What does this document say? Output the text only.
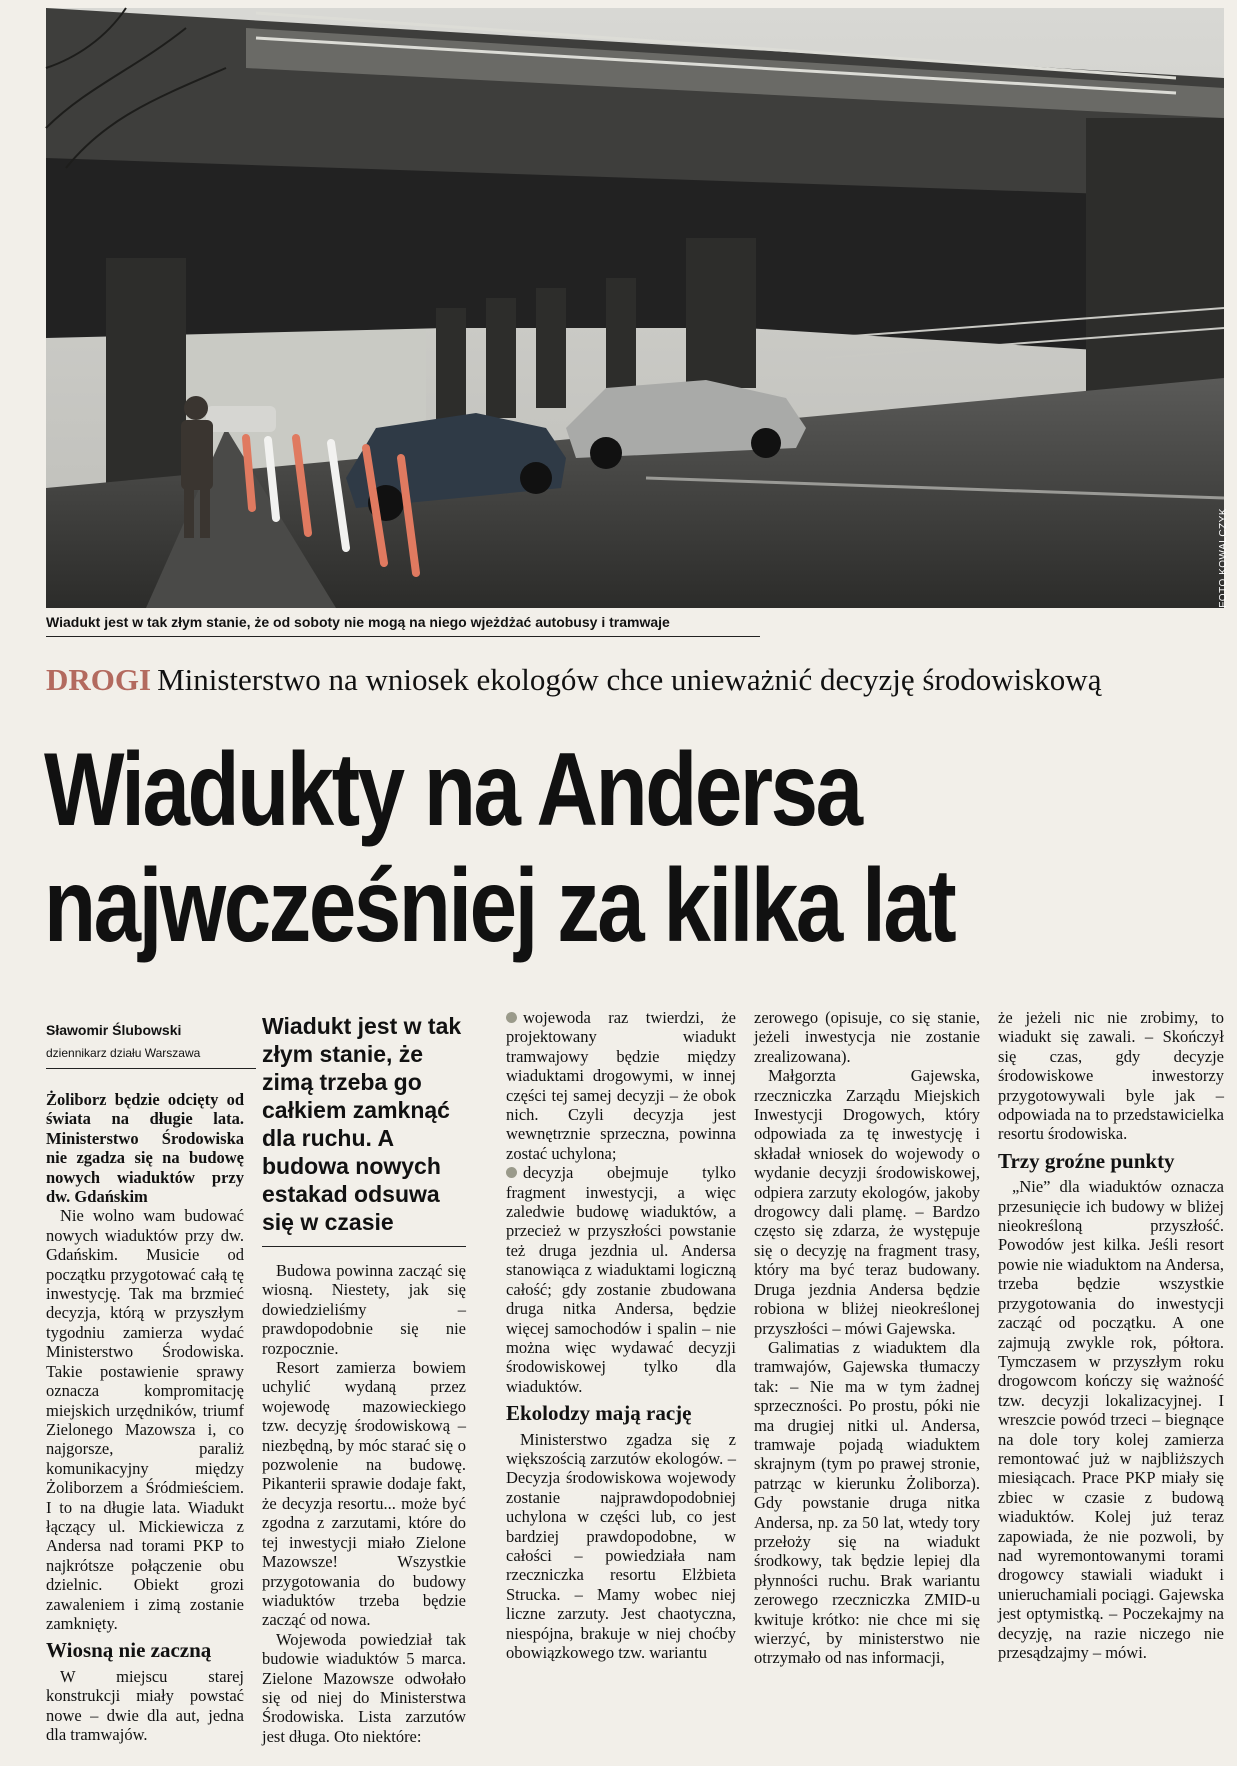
FOTO KOWALCZYK
Wiadukt jest w tak złym stanie, że od soboty nie mogą na niego wjeżdżać autobusy i tramwaje
DROGI Ministerstwo na wniosek ekologów chce unieważnić decyzję środowiskową
Wiadukty na Andersa
najwcześniej za kilka lat
Sławomir Ślubowski
dziennikarz działu Warszawa

Żoliborz będzie odcięty od świata na długie lata. Ministerstwo Środowiska nie zgadza się na budowę nowych wiaduktów przy dw. Gdańskim

Nie wolno wam budować nowych wiaduktów przy dw. Gdańskim. Musicie od początku przygotować całą tę inwestycję. Tak ma brzmieć decyzja, którą w przyszłym tygodniu zamierza wydać Ministerstwo Środowiska. Takie postawienie sprawy oznacza kompromitację miejskich urzędników, triumf Zielonego Mazowsza i, co najgorsze, paraliż komunikacyjny między Żoliborzem a Śródmieściem. I to na długie lata. Wiadukt łączący ul. Mickiewicza z Andersa nad torami PKP to najkrótsze połączenie obu dzielnic. Obiekt grozi zawaleniem i zimą zostanie zamknięty.

Wiosną nie zaczną

W miejscu starej konstrukcji miały powstać nowe – dwie dla aut, jedna dla tramwajów.

Wiadukt jest w tak złym stanie, że zimą trzeba go całkiem zamknąć dla ruchu. A budowa nowych estakad odsuwa się w czasie

Budowa powinna zacząć się wiosną. Niestety, jak się dowiedzieliśmy – prawdopodobnie się nie rozpocznie.

Resort zamierza bowiem uchylić wydaną przez wojewodę mazowieckiego tzw. decyzję środowiskową – niezbędną, by móc starać się o pozwolenie na budowę. Pikanterii sprawie dodaje fakt, że decyzja resortu... może być zgodna z zarzutami, które do tej inwestycji miało Zielone Mazowsze! Wszystkie przygotowania do budowy wiaduktów trzeba będzie zacząć od nowa.

Wojewoda powiedział tak budowie wiaduktów 5 marca. Zielone Mazowsze odwołało się od niej do Ministerstwa Środowiska. Lista zarzutów jest długa. Oto niektóre:

wojewoda raz twierdzi, że projektowany wiadukt tramwajowy będzie między wiaduktami drogowymi, w innej części tej samej decyzji – że obok nich. Czyli decyzja jest wewnętrznie sprzeczna, powinna zostać uchylona;

decyzja obejmuje tylko fragment inwestycji, a więc zaledwie budowę wiaduktów, a przecież w przyszłości powstanie też druga jezdnia ul. Andersa stanowiąca z wiaduktami logiczną całość; gdy zostanie zbudowana druga nitka Andersa, będzie więcej samochodów i spalin – nie można więc wydawać decyzji środowiskowej tylko dla wiaduktów.

Ekolodzy mają rację

Ministerstwo zgadza się z większością zarzutów ekologów. – Decyzja środowiskowa wojewody zostanie najprawdopodobniej uchylona w części lub, co jest bardziej prawdopodobne, w całości – powiedziała nam rzeczniczka resortu Elżbieta Strucka. – Mamy wobec niej liczne zarzuty. Jest chaotyczna, niespójna, brakuje w niej choćby obowiązkowego tzw. wariantu

zerowego (opisuje, co się stanie, jeżeli inwestycja nie zostanie zrealizowana).

Małgorzta Gajewska, rzeczniczka Zarządu Miejskich Inwestycji Drogowych, który odpowiada za tę inwestycję i składał wniosek do wojewody o wydanie decyzji środowiskowej, odpiera zarzuty ekologów, jakoby drogowcy dali plamę. – Bardzo często się zdarza, że występuje się o decyzję na fragment trasy, który ma być teraz budowany. Druga jezdnia Andersa będzie robiona w bliżej nieokreślonej przyszłości – mówi Gajewska.

Galimatias z wiaduktem dla tramwajów, Gajewska tłumaczy tak: – Nie ma w tym żadnej sprzeczności. Po prostu, póki nie ma drugiej nitki ul. Andersa, tramwaje pojadą wiaduktem skrajnym (tym po prawej stronie, patrząc w kierunku Żoliborza). Gdy powstanie druga nitka Andersa, np. za 50 lat, wtedy tory przełoży się na wiadukt środkowy, tak będzie lepiej dla płynności ruchu. Brak wariantu zerowego rzeczniczka ZMID-u kwituje krótko: nie chce mi się wierzyć, by ministerstwo nie otrzymało od nas informacji,

że jeżeli nic nie zrobimy, to wiadukt się zawali. – Skończył się czas, gdy decyzje środowiskowe inwestorzy przygotowywali byle jak – odpowiada na to przedstawicielka resortu środowiska.

Trzy groźne punkty

„Nie” dla wiaduktów oznacza przesunięcie ich budowy w bliżej nieokreśloną przyszłość. Powodów jest kilka. Jeśli resort powie nie wiaduktom na Andersa, trzeba będzie wszystkie przygotowania do inwestycji zacząć od początku. A one zajmują zwykle rok, półtora. Tymczasem w przyszłym roku drogowcom kończy się ważność tzw. decyzji lokalizacyjnej. I wreszcie powód trzeci – biegnące na dole tory kolej zamierza remontować już w najbliższych miesiącach. Prace PKP miały się zbiec w czasie z budową wiaduktów. Kolej już teraz zapowiada, że nie pozwoli, by nad wyremontowanymi torami drogowcy stawiali wiadukt i unieruchamiali pociągi. Gajewska jest optymistką. – Poczekajmy na decyzję, na razie niczego nie przesądzajmy – mówi.
